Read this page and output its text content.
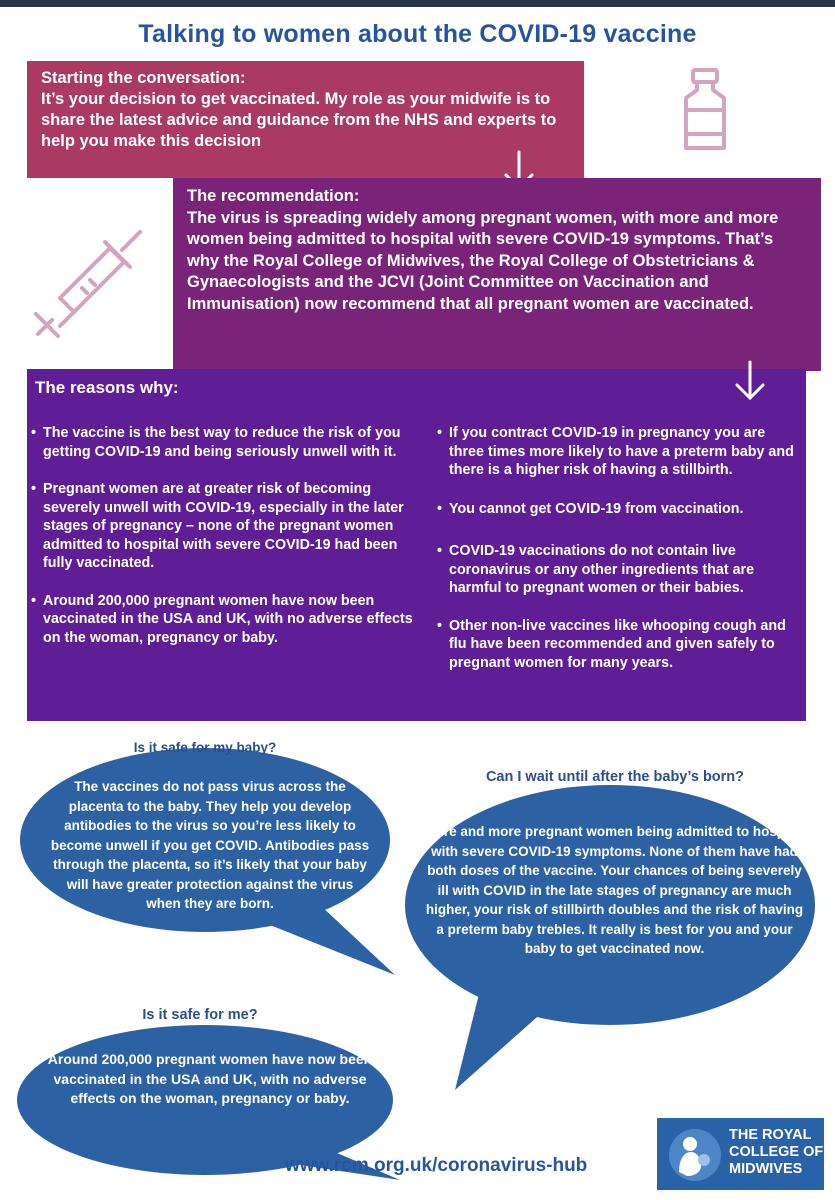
Talking to women about the COVID-19 vaccine
Starting the conversation:
It’s your decision to get vaccinated. My role as your midwife is to share the latest advice and guidance from the NHS and experts to help you make this decision
The recommendation:
The virus is spreading widely among pregnant women, with more and more women being admitted to hospital with severe COVID-19 symptoms. That’s why the Royal College of Midwives, the Royal College of Obstetricians & Gynaecologists and the JCVI (Joint Committee on Vaccination and Immunisation) now recommend that all pregnant women are vaccinated.
The reasons why:
• The vaccine is the best way to reduce the risk of you getting COVID-19 and being seriously unwell with it.
• Pregnant women are at greater risk of becoming severely unwell with COVID-19, especially in the later stages of pregnancy – none of the pregnant women admitted to hospital with severe COVID-19 had been fully vaccinated.
• Around 200,000 pregnant women have now been vaccinated in the USA and UK, with no adverse effects on the woman, pregnancy or baby.
• If you contract COVID-19 in pregnancy you are three times more likely to have a preterm baby and there is a higher risk of having a stillbirth.
• You cannot get COVID-19 from vaccination.
• COVID-19 vaccinations do not contain live coronavirus or any other ingredients that are harmful to pregnant women or their babies.
• Other non-live vaccines like whooping cough and flu have been recommended and given safely to pregnant women for many years.
Is it safe for my baby?
The vaccines do not pass virus across the placenta to the baby. They help you develop antibodies to the virus so you’re less likely to become unwell if you get COVID. Antibodies pass through the placenta, so it’s likely that your baby will have greater protection against the virus when they are born.
Can I wait until after the baby’s born?
More and more pregnant women being admitted to hospital with severe COVID-19 symptoms. None of them have had both doses of the vaccine. Your chances of being severely ill with COVID in the late stages of pregnancy are much higher, your risk of stillbirth doubles and the risk of having a preterm baby trebles. It really is best for you and your baby to get vaccinated now.
Is it safe for me?
Around 200,000 pregnant women have now been vaccinated in the USA and UK, with no adverse effects on the woman, pregnancy or baby.
www.rcm.org.uk/coronavirus-hub
THE ROYAL
COLLEGE OF
MIDWIVES
